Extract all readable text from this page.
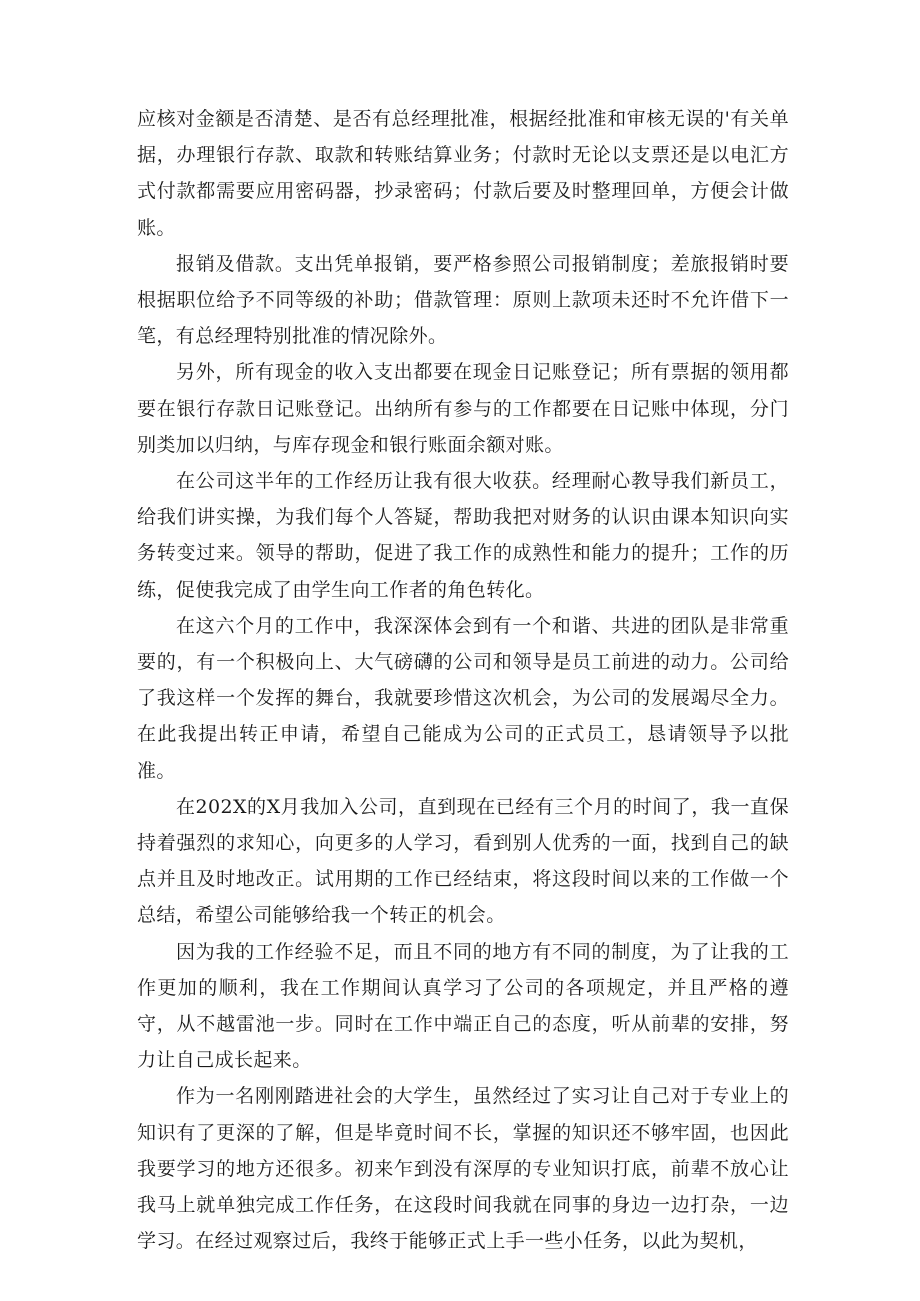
应核对金额是否清楚、是否有总经理批准，根据经批准和审核无误的'有关单据，办理银行存款、取款和转账结算业务；付款时无论以支票还是以电汇方式付款都需要应用密码器，抄录密码；付款后要及时整理回单，方便会计做账。

报销及借款。支出凭单报销，要严格参照公司报销制度；差旅报销时要根据职位给予不同等级的补助；借款管理：原则上款项未还时不允许借下一笔，有总经理特别批准的情况除外。

另外，所有现金的收入支出都要在现金日记账登记；所有票据的领用都要在银行存款日记账登记。出纳所有参与的工作都要在日记账中体现，分门别类加以归纳，与库存现金和银行账面余额对账。

在公司这半年的工作经历让我有很大收获。经理耐心教导我们新员工，给我们讲实操，为我们每个人答疑，帮助我把对财务的认识由课本知识向实务转变过来。领导的帮助，促进了我工作的成熟性和能力的提升；工作的历练，促使我完成了由学生向工作者的角色转化。

在这六个月的工作中，我深深体会到有一个和谐、共进的团队是非常重要的，有一个积极向上、大气磅礴的公司和领导是员工前进的动力。公司给了我这样一个发挥的舞台，我就要珍惜这次机会，为公司的发展竭尽全力。在此我提出转正申请，希望自己能成为公司的正式员工，恳请领导予以批准。

在202X的X月我加入公司，直到现在已经有三个月的时间了，我一直保持着强烈的求知心，向更多的人学习，看到别人优秀的一面，找到自己的缺点并且及时地改正。试用期的工作已经结束，将这段时间以来的工作做一个总结，希望公司能够给我一个转正的机会。

因为我的工作经验不足，而且不同的地方有不同的制度，为了让我的工作更加的顺利，我在工作期间认真学习了公司的各项规定，并且严格的遵守，从不越雷池一步。同时在工作中端正自己的态度，听从前辈的安排，努力让自己成长起来。

作为一名刚刚踏进社会的大学生，虽然经过了实习让自己对于专业上的知识有了更深的了解，但是毕竟时间不长，掌握的知识还不够牢固，也因此我要学习的地方还很多。初来乍到没有深厚的专业知识打底，前辈不放心让我马上就单独完成工作任务，在这段时间我就在同事的身边一边打杂，一边学习。在经过观察过后，我终于能够正式上手一些小任务，以此为契机，
